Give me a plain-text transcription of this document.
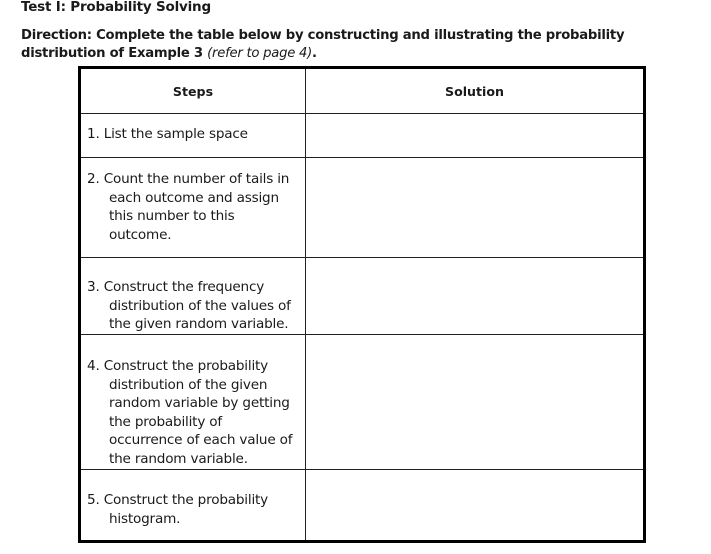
Test I: Probability Solving
Direction: Complete the table below by constructing and illustrating the probability distribution of Example 3 (refer to page 4).
Steps	Solution

1. List the sample space	

2. Count the number of tails in each outcome and assign this number to this outcome.	

3. Construct the frequency distribution of the values of the given random variable.	

4. Construct the probability distribution of the given random variable by getting the probability of occurrence of each value of the random variable.	

5. Construct the probability histogram.	
